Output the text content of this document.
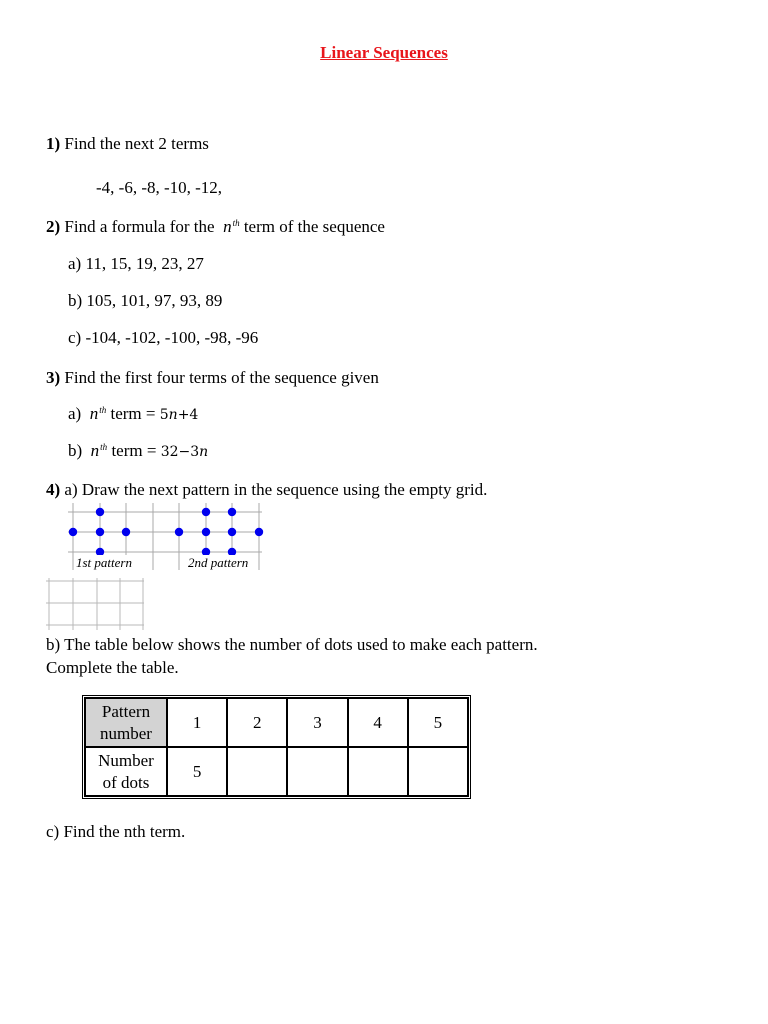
Linear Sequences
1) Find the next 2 terms
-4, -6, -8, -10, -12,
2) Find a formula for the $n^{th}$ term of the sequence
a) 11, 15, 19, 23, 27
b) 105, 101, 97, 93, 89
c) -104, -102, -100, -98, -96
3) Find the first four terms of the sequence given
a) $n^{th}$ term = 5n+4
b) $n^{th}$ term = 32−3n
4) a) Draw the next pattern in the sequence using the empty grid.
1st pattern	2nd pattern
b) The table below shows the number of dots used to make each pattern.
Complete the table.
Pattern
number	1	2	3	4	5
Number
of dots	5				
c) Find the nth term.
